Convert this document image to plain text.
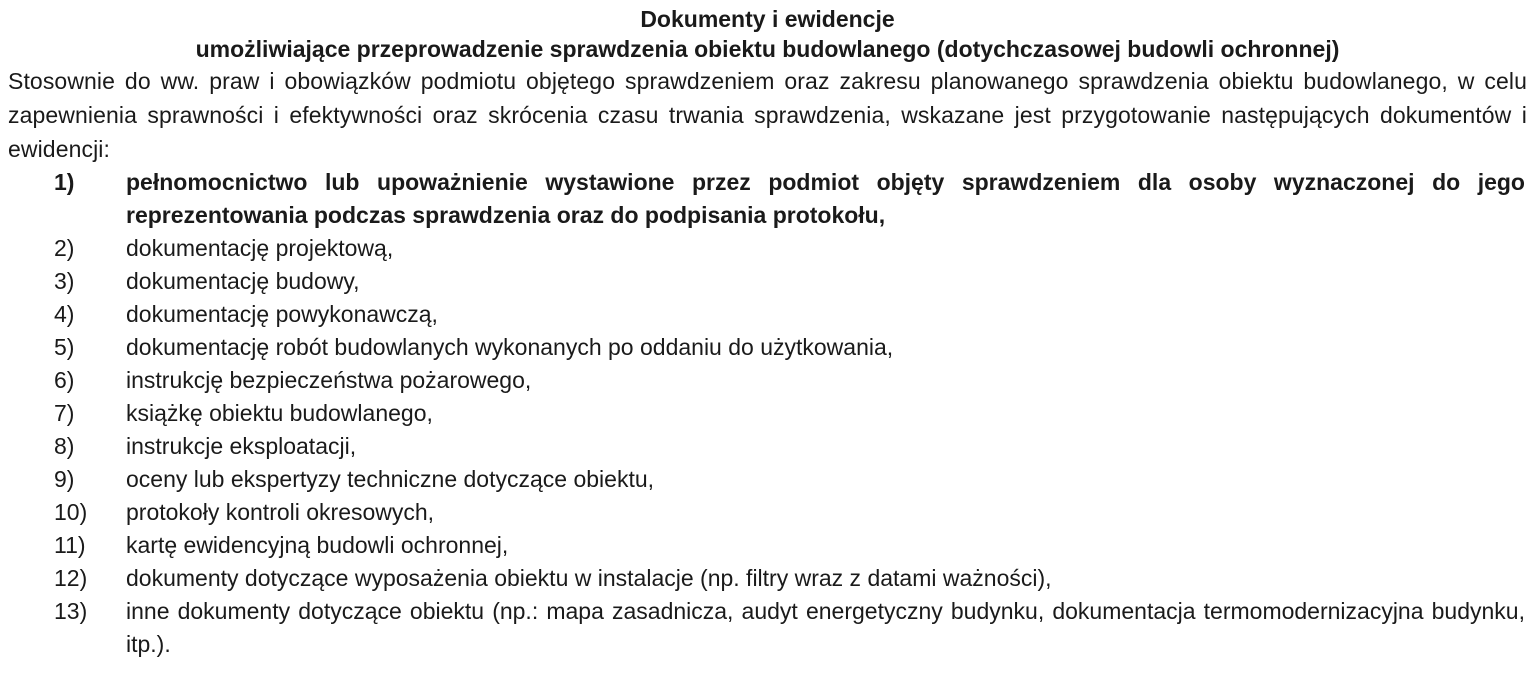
Dokumenty i ewidencje
umożliwiające przeprowadzenie sprawdzenia obiektu budowlanego (dotychczasowej budowli ochronnej)

Stosownie do ww. praw i obowiązków podmiotu objętego sprawdzeniem oraz zakresu planowanego sprawdzenia obiektu budowlanego, w celu zapewnienia sprawności i efektywności oraz skrócenia czasu trwania sprawdzenia, wskazane jest przygotowanie następujących dokumentów i ewidencji:

1)	pełnomocnictwo lub upoważnienie wystawione przez podmiot objęty sprawdzeniem dla osoby wyznaczonej do jego reprezentowania podczas sprawdzenia oraz do podpisania protokołu,
2)	dokumentację projektową,
3)	dokumentację budowy,
4)	dokumentację powykonawczą,
5)	dokumentację robót budowlanych wykonanych po oddaniu do użytkowania,
6)	instrukcję bezpieczeństwa pożarowego,
7)	książkę obiektu budowlanego,
8)	instrukcje eksploatacji,
9)	oceny lub ekspertyzy techniczne dotyczące obiektu,
10)	protokoły kontroli okresowych,
11)	kartę ewidencyjną budowli ochronnej,
12)	dokumenty dotyczące wyposażenia obiektu w instalacje (np. filtry wraz z datami ważności),
13)	inne dokumenty dotyczące obiektu (np.: mapa zasadnicza, audyt energetyczny budynku, dokumentacja termomodernizacyjna budynku, itp.).
